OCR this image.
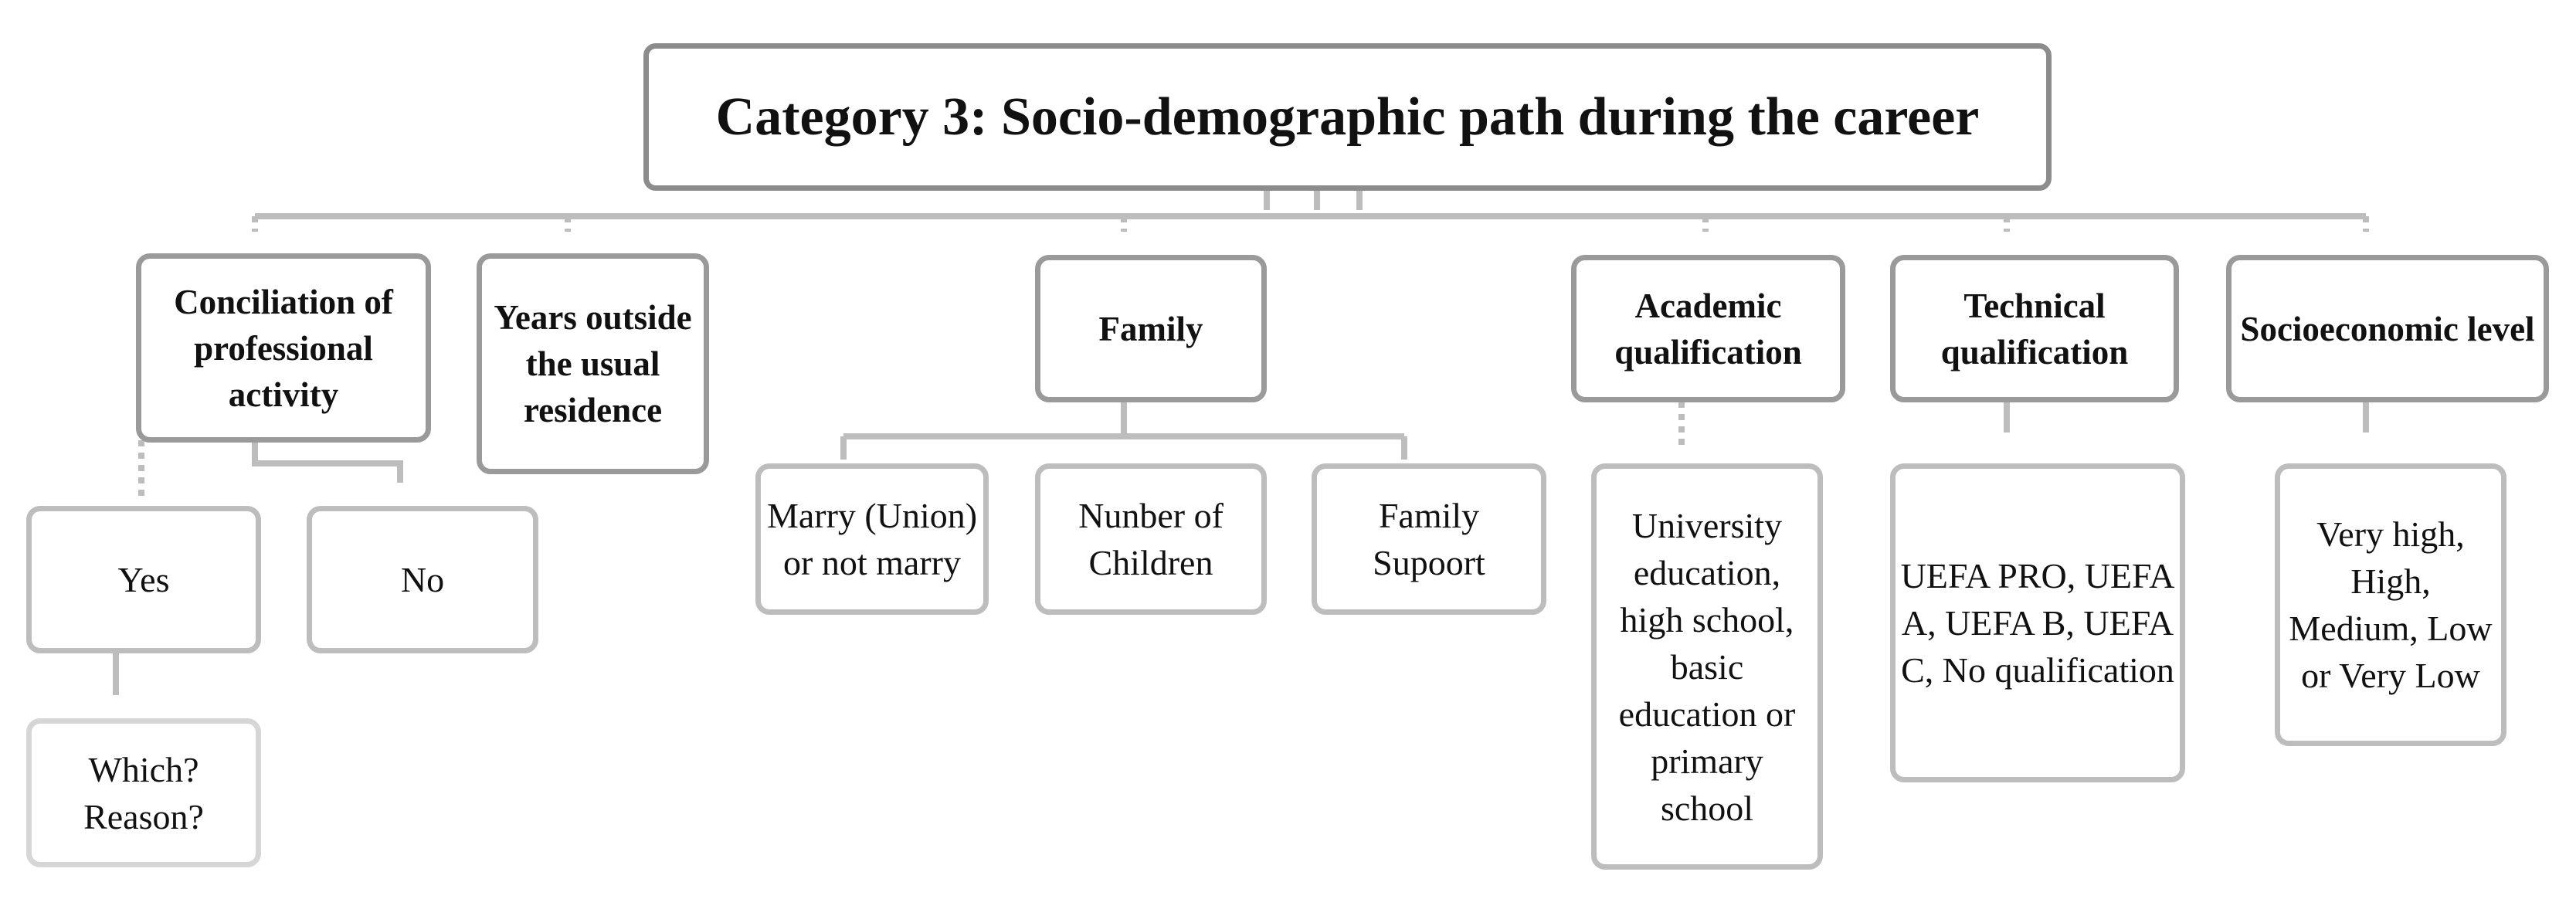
Category 3: Socio-demographic path during the career
Conciliation of professional activity
Years outside the usual residence
Family
Academic qualification
Technical qualification
Socioeconomic level
Yes	No
Which? Reason?
Marry (Union) or not marry
Nunber of Children
Family Supoort
University education, high school, basic education or primary school
UEFA PRO, UEFA A, UEFA B, UEFA C, No qualification
Very high, High, Medium, Low or Very Low
